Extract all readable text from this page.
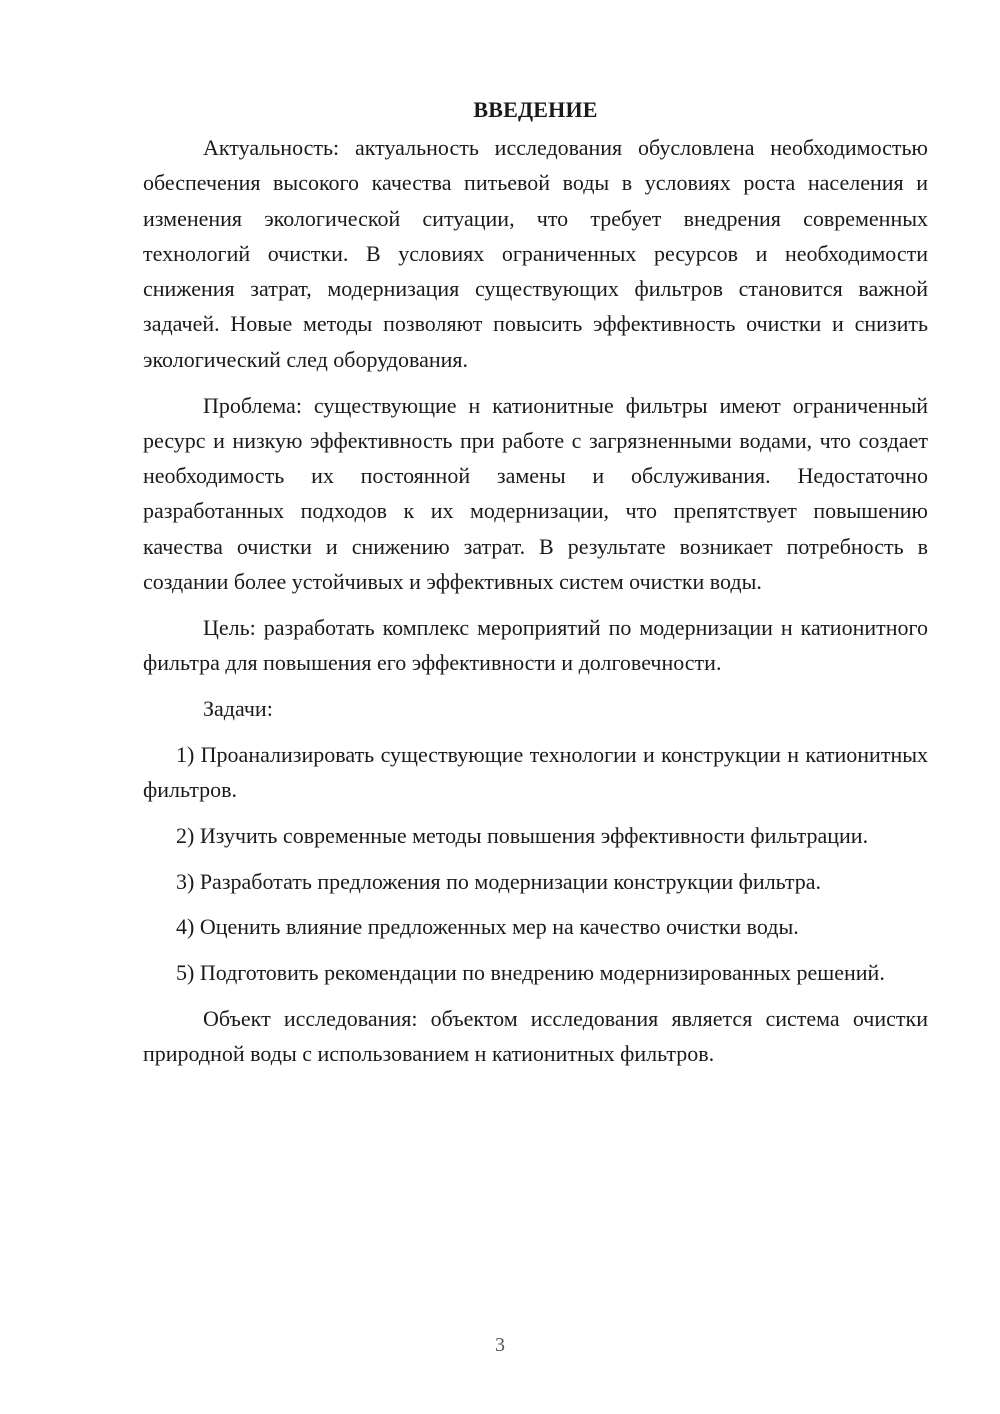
ВВЕДЕНИЕ

Актуальность: актуальность исследования обусловлена необходимостью обеспечения высокого качества питьевой воды в условиях роста населения и изменения экологической ситуации, что требует внедрения современных технологий очистки. В условиях ограниченных ресурсов и необходимости снижения затрат, модернизация существующих фильтров становится важной задачей. Новые методы позволяют повысить эффективность очистки и снизить экологический след оборудования.

Проблема: существующие н катионитные фильтры имеют ограниченный ресурс и низкую эффективность при работе с загрязненными водами, что создает необходимость их постоянной замены и обслуживания. Недостаточно разработанных подходов к их модернизации, что препятствует повышению качества очистки и снижению затрат. В результате возникает потребность в создании более устойчивых и эффективных систем очистки воды.

Цель: разработать комплекс мероприятий по модернизации н катионитного фильтра для повышения его эффективности и долговечности.

Задачи:

1) Проанализировать существующие технологии и конструкции н катионитных фильтров.

2) Изучить современные методы повышения эффективности фильтрации.

3) Разработать предложения по модернизации конструкции фильтра.

4) Оценить влияние предложенных мер на качество очистки воды.

5) Подготовить рекомендации по внедрению модернизированных решений.

Объект исследования: объектом исследования является система очистки природной воды с использованием н катионитных фильтров.

3
